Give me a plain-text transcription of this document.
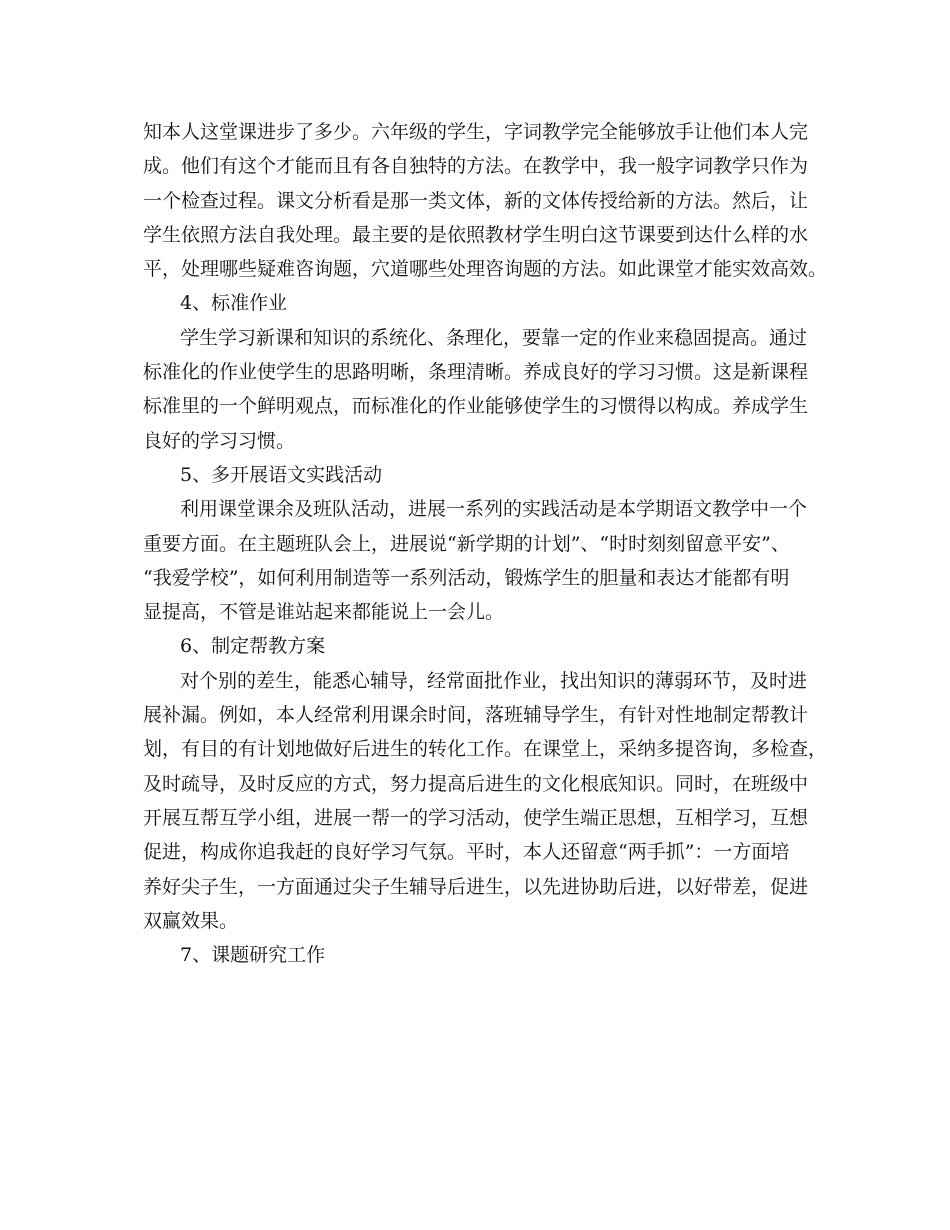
知本人这堂课进步了多少。六年级的学生，字词教学完全能够放手让他们本人完
成。他们有这个才能而且有各自独特的方法。在教学中，我一般字词教学只作为
一个检查过程。课文分析看是那一类文体，新的文体传授给新的方法。然后，让
学生依照方法自我处理。最主要的是依照教材学生明白这节课要到达什么样的水
平，处理哪些疑难咨询题，穴道哪些处理咨询题的方法。如此课堂才能实效高效。
4、标准作业
学生学习新课和知识的系统化、条理化，要靠一定的作业来稳固提高。通过
标准化的作业使学生的思路明晰，条理清晰。养成良好的学习习惯。这是新课程
标准里的一个鲜明观点，而标准化的作业能够使学生的习惯得以构成。养成学生
良好的学习习惯。
5、多开展语文实践活动
利用课堂课余及班队活动，进展一系列的实践活动是本学期语文教学中一个
重要方面。在主题班队会上，进展说“新学期的计划”、“时时刻刻留意平安”、
“我爱学校”，如何利用制造等一系列活动，锻炼学生的胆量和表达才能都有明
显提高，不管是谁站起来都能说上一会儿。
6、制定帮教方案
对个别的差生，能悉心辅导，经常面批作业，找出知识的薄弱环节，及时进
展补漏。例如，本人经常利用课余时间，落班辅导学生，有针对性地制定帮教计
划，有目的有计划地做好后进生的转化工作。在课堂上，采纳多提咨询，多检查，
及时疏导，及时反应的方式，努力提高后进生的文化根底知识。同时，在班级中
开展互帮互学小组，进展一帮一的学习活动，使学生端正思想，互相学习，互想
促进，构成你追我赶的良好学习气氛。平时，本人还留意“两手抓”：一方面培
养好尖子生，一方面通过尖子生辅导后进生，以先进协助后进，以好带差，促进
双赢效果。
7、课题研究工作
